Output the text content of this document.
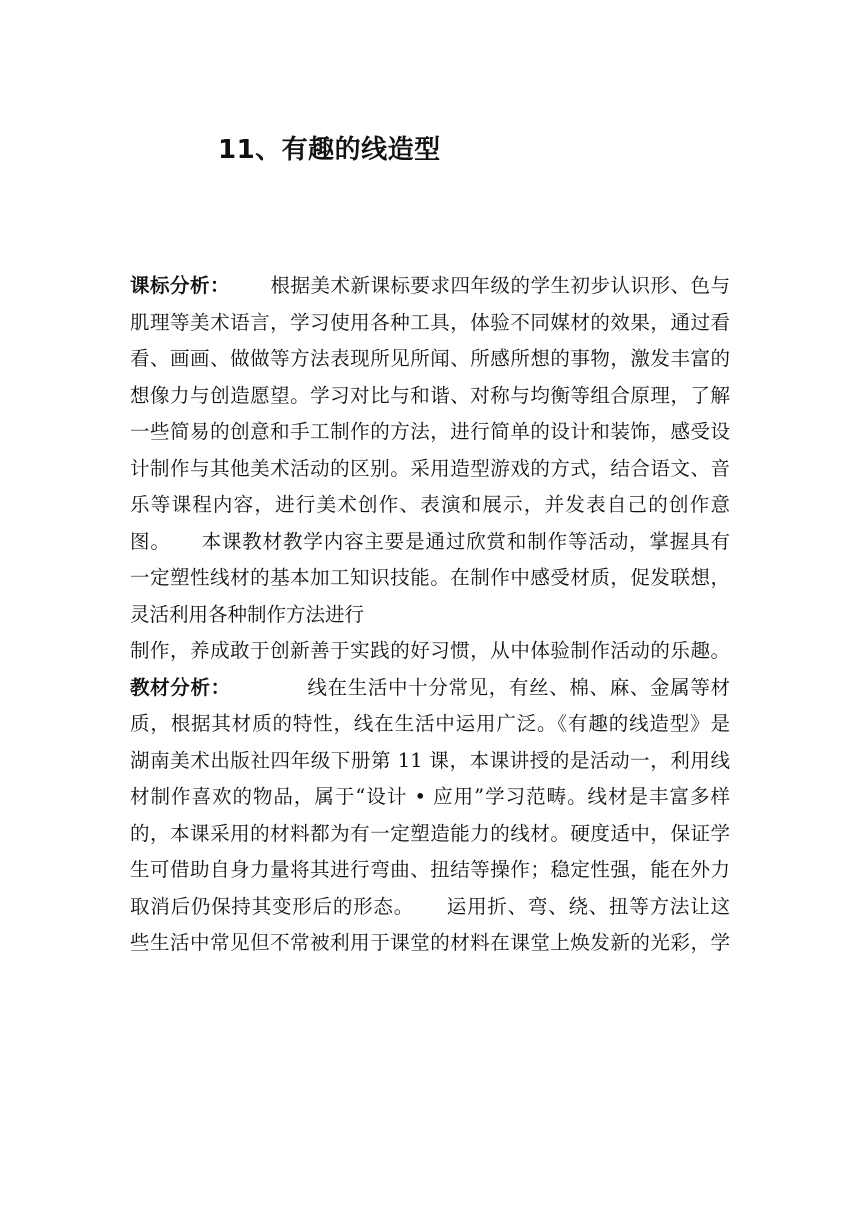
11、有趣的线造型
课标分析： 根据美术新课标要求四年级的学生初步认识形、色与
肌理等美术语言，学习使用各种工具，体验不同媒材的效果，通过看
看、画画、做做等方法表现所见所闻、所感所想的事物，激发丰富的
想像力与创造愿望。学习对比与和谐、对称与均衡等组合原理，了解
一些简易的创意和手工制作的方法，进行简单的设计和装饰，感受设
计制作与其他美术活动的区别。采用造型游戏的方式，结合语文、音
乐等课程内容，进行美术创作、表演和展示，并发表自己的创作意
图。 本课教材教学内容主要是通过欣赏和制作等活动，掌握具有
一定塑性线材的基本加工知识技能。在制作中感受材质，促发联想，
灵活利用各种制作方法进行
制作，养成敢于创新善于实践的好习惯，从中体验制作活动的乐趣。
教材分析：	线在生活中十分常见，有丝、棉、麻、金属等材
质，根据其材质的特性，线在生活中运用广泛。《有趣的线造型》是
湖南美术出版社四年级下册第 11 课，本课讲授的是活动一，利用线
材制作喜欢的物品，属于“设计 • 应用”学习范畴。线材是丰富多样
的，本课采用的材料都为有一定塑造能力的线材。硬度适中，保证学
生可借助自身力量将其进行弯曲、扭结等操作；稳定性强，能在外力
取消后仍保持其变形后的形态。 运用折、弯、绕、扭等方法让这
些生活中常见但不常被利用于课堂的材料在课堂上焕发新的光彩，学
